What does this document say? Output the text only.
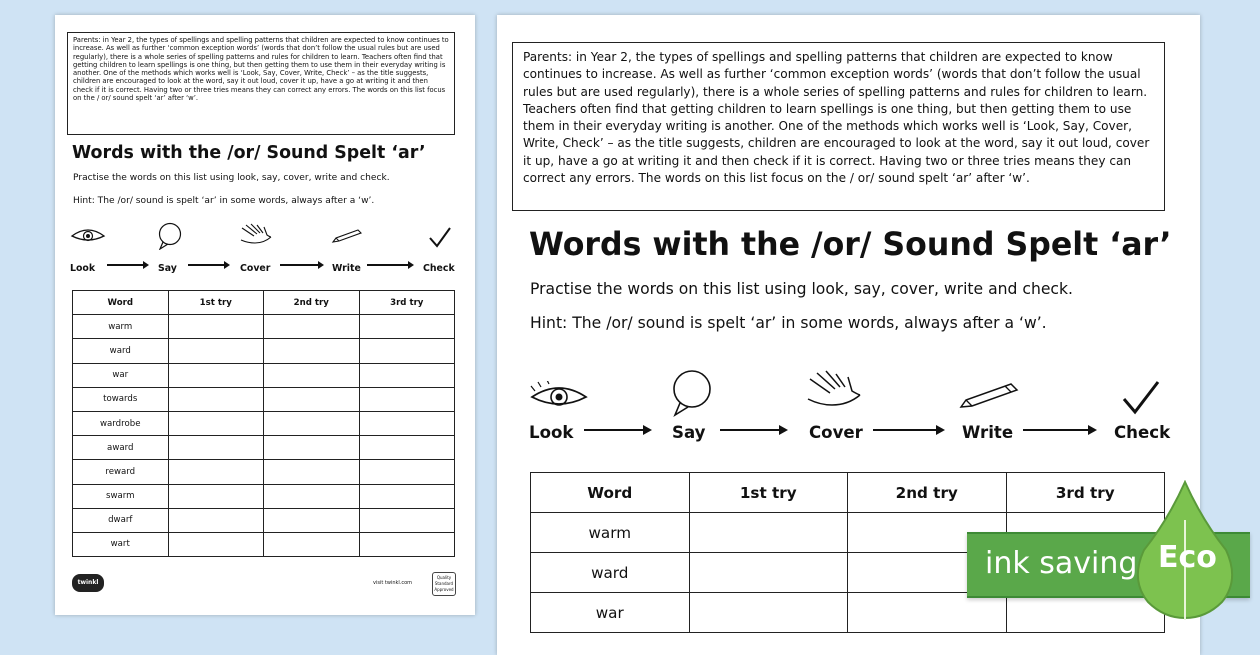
Parents: in Year 2, the types of spellings and spelling patterns that children are expected to know continues to increase. As well as further ‘common exception words’ (words that don’t follow the usual rules but are used regularly), there is a whole series of spelling patterns and rules for children to learn. Teachers often find that getting children to learn spellings is one thing, but then getting them to use them in their everyday writing is another. One of the methods which works well is ‘Look, Say, Cover, Write, Check’ – as the title suggests, children are encouraged to look at the word, say it out loud, cover it up, have a go at writing it and then check if it is correct. Having two or three tries means they can correct any errors. The words on this list focus on the / or/ sound spelt ‘ar’ after ‘w’.
Words with the /or/ Sound Spelt ‘ar’
Practise the words on this list using look, say, cover, write and check.
Hint: The /or/ sound is spelt ‘ar’ in some words, always after a ‘w’.
Look	Say	Cover	Write	Check
Word	1st try	2nd try	3rd try
warm			
ward			
war			
towards			
wardrobe			
award			
reward			
swarm			
dwarf			
wart			
twinkl	visit twinkl.com
Quality Standard Approved
Parents: in Year 2, the types of spellings and spelling patterns that children are expected to know continues to increase. As well as further ‘common exception words’ (words that don’t follow the usual rules but are used regularly), there is a whole series of spelling patterns and rules for children to learn. Teachers often find that getting children to learn spellings is one thing, but then getting them to use them in their everyday writing is another. One of the methods which works well is ‘Look, Say, Cover, Write, Check’ – as the title suggests, children are encouraged to look at the word, say it out loud, cover it up, have a go at writing it and then check if it is correct. Having two or three tries means they can correct any errors. The words on this list focus on the / or/ sound spelt ‘ar’ after ‘w’.
Words with the /or/ Sound Spelt ‘ar’
Practise the words on this list using look, say, cover, write and check.
Hint: The /or/ sound is spelt ‘ar’ in some words, always after a ‘w’.
Look	Say	Cover	Write	Check
Word	1st try	2nd try	3rd try
warm			
ward			
war			
ink saving Eco
